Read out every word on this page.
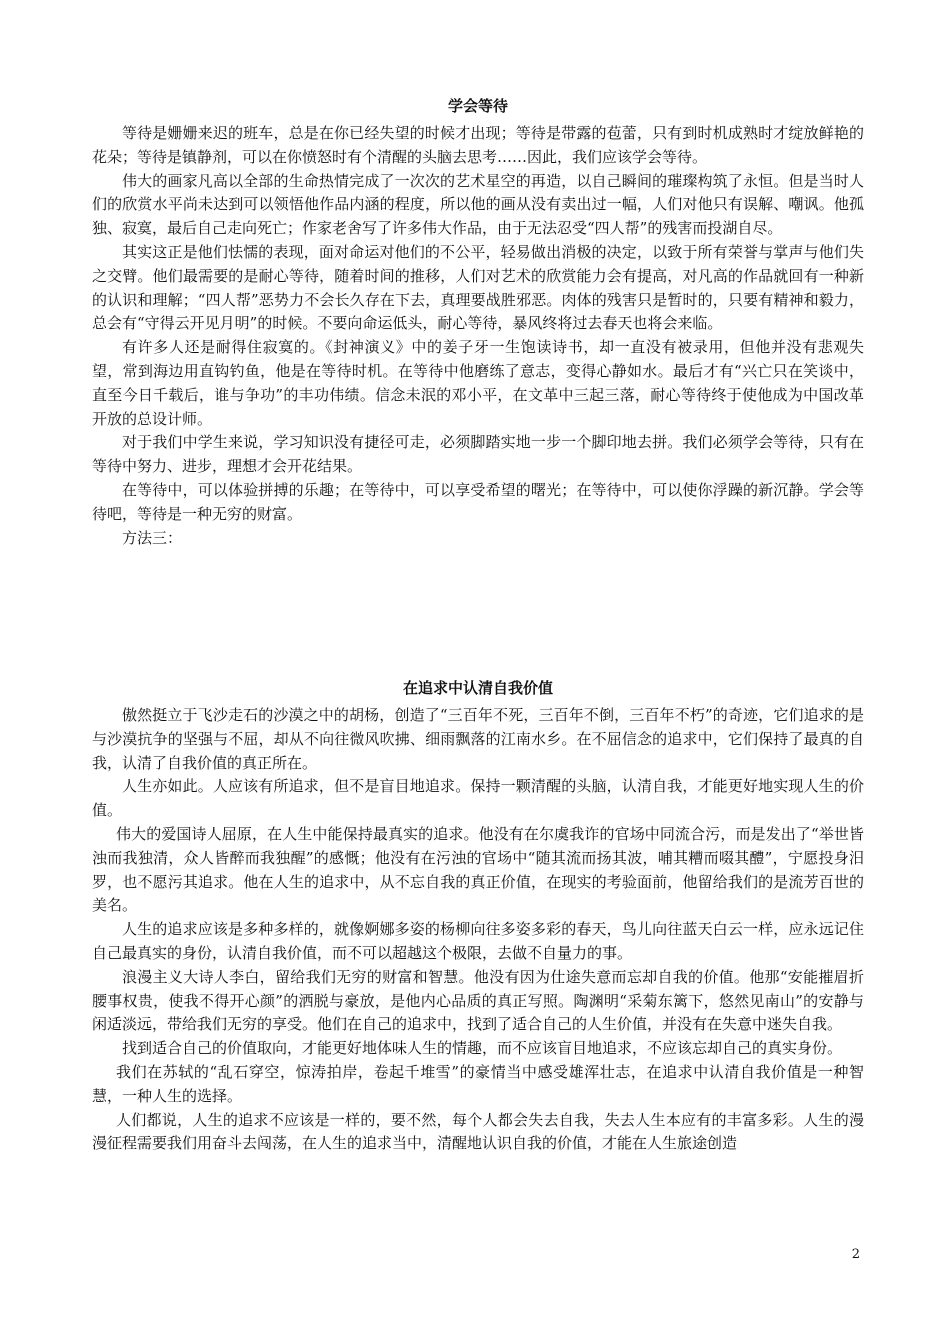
学会等待

等待是姗姗来迟的班车，总是在你已经失望的时候才出现；等待是带露的苞蕾，只有到时机成熟时才绽放鲜艳的花朵；等待是镇静剂，可以在你愤怒时有个清醒的头脑去思考……因此，我们应该学会等待。

伟大的画家凡高以全部的生命热情完成了一次次的艺术星空的再造，以自己瞬间的璀璨构筑了永恒。但是当时人们的欣赏水平尚未达到可以领悟他作品内涵的程度，所以他的画从没有卖出过一幅，人们对他只有误解、嘲讽。他孤独、寂寞，最后自己走向死亡；作家老舍写了许多伟大作品，由于无法忍受“四人帮”的残害而投湖自尽。

其实这正是他们怯懦的表现，面对命运对他们的不公平，轻易做出消极的决定，以致于所有荣誉与掌声与他们失之交臂。他们最需要的是耐心等待，随着时间的推移，人们对艺术的欣赏能力会有提高，对凡高的作品就回有一种新的认识和理解；“四人帮”恶势力不会长久存在下去，真理要战胜邪恶。肉体的残害只是暂时的，只要有精神和毅力，总会有“守得云开见月明”的时候。不要向命运低头，耐心等待，暴风终将过去春天也将会来临。

有许多人还是耐得住寂寞的。《封神演义》中的姜子牙一生饱读诗书，却一直没有被录用，但他并没有悲观失望，常到海边用直钩钓鱼，他是在等待时机。在等待中他磨练了意志，变得心静如水。最后才有“兴亡只在笑谈中，直至今日千载后，谁与争功”的丰功伟绩。信念未泯的邓小平，在文革中三起三落，耐心等待终于使他成为中国改革开放的总设计师。

对于我们中学生来说，学习知识没有捷径可走，必须脚踏实地一步一个脚印地去拼。我们必须学会等待，只有在等待中努力、进步，理想才会开花结果。

在等待中，可以体验拼搏的乐趣；在等待中，可以享受希望的曙光；在等待中，可以使你浮躁的新沉静。学会等待吧，等待是一种无穷的财富。

方法三：

在追求中认清自我价值

傲然挺立于飞沙走石的沙漠之中的胡杨，创造了“三百年不死，三百年不倒，三百年不朽”的奇迹，它们追求的是与沙漠抗争的坚强与不屈，却从不向往微风吹拂、细雨飘落的江南水乡。在不屈信念的追求中，它们保持了最真的自我，认清了自我价值的真正所在。

人生亦如此。人应该有所追求，但不是盲目地追求。保持一颗清醒的头脑，认清自我，才能更好地实现人生的价值。

伟大的爱国诗人屈原，在人生中能保持最真实的追求。他没有在尔虞我诈的官场中同流合污，而是发出了“举世皆浊而我独清，众人皆醉而我独醒”的感慨；他没有在污浊的官场中“随其流而扬其波，哺其糟而啜其醴”，宁愿投身汨罗，也不愿污其追求。他在人生的追求中，从不忘自我的真正价值，在现实的考验面前，他留给我们的是流芳百世的美名。

人生的追求应该是多种多样的，就像婀娜多姿的杨柳向往多姿多彩的春天，鸟儿向往蓝天白云一样，应永远记住自己最真实的身份，认清自我价值，而不可以超越这个极限，去做不自量力的事。

浪漫主义大诗人李白，留给我们无穷的财富和智慧。他没有因为仕途失意而忘却自我的价值。他那“安能摧眉折腰事权贵，使我不得开心颜”的洒脱与豪放，是他内心品质的真正写照。陶渊明“采菊东篱下，悠然见南山”的安静与闲适淡远，带给我们无穷的享受。他们在自己的追求中，找到了适合自己的人生价值，并没有在失意中迷失自我。

找到适合自己的价值取向，才能更好地体味人生的情趣，而不应该盲目地追求，不应该忘却自己的真实身份。

我们在苏轼的“乱石穿空，惊涛拍岸，卷起千堆雪”的豪情当中感受雄浑壮志，在追求中认清自我价值是一种智慧，一种人生的选择。

人们都说，人生的追求不应该是一样的，要不然，每个人都会失去自我，失去人生本应有的丰富多彩。人生的漫漫征程需要我们用奋斗去闯荡，在人生的追求当中，清醒地认识自我的价值，才能在人生旅途创造

2
